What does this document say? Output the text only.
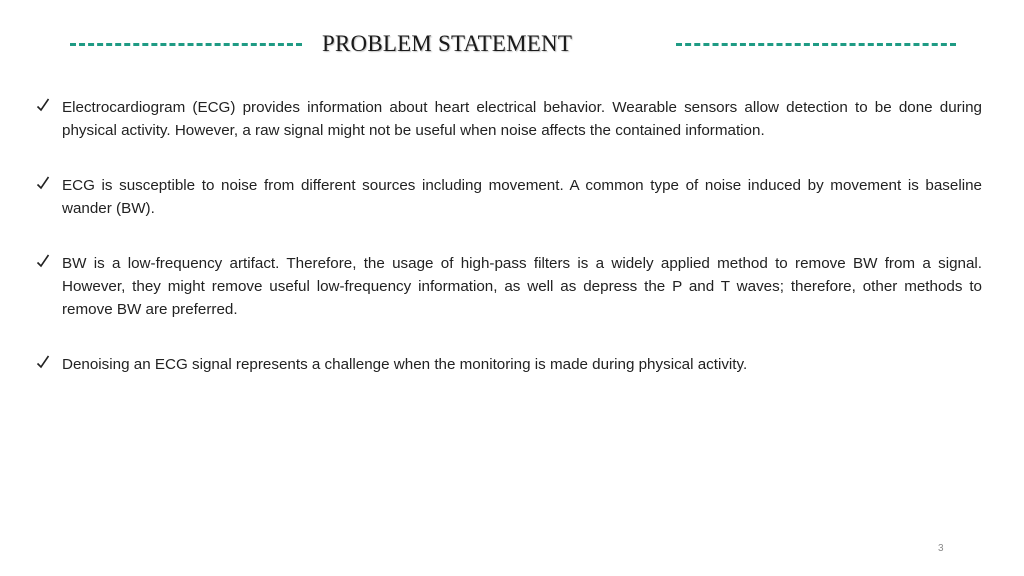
PROBLEM STATEMENT
Electrocardiogram (ECG) provides information about heart electrical behavior. Wearable sensors allow detection to be done during physical activity. However, a raw signal might not be useful when noise affects the contained information.
ECG is susceptible to noise from different sources including movement. A common type of noise induced by movement is baseline wander (BW).
BW is a low-frequency artifact. Therefore, the usage of high-pass filters is a widely applied method to remove BW from a signal. However, they might remove useful low-frequency information, as well as depress the P and T waves; therefore, other methods to remove BW are preferred.
Denoising an ECG signal represents a challenge when the monitoring is made during physical activity.
3
